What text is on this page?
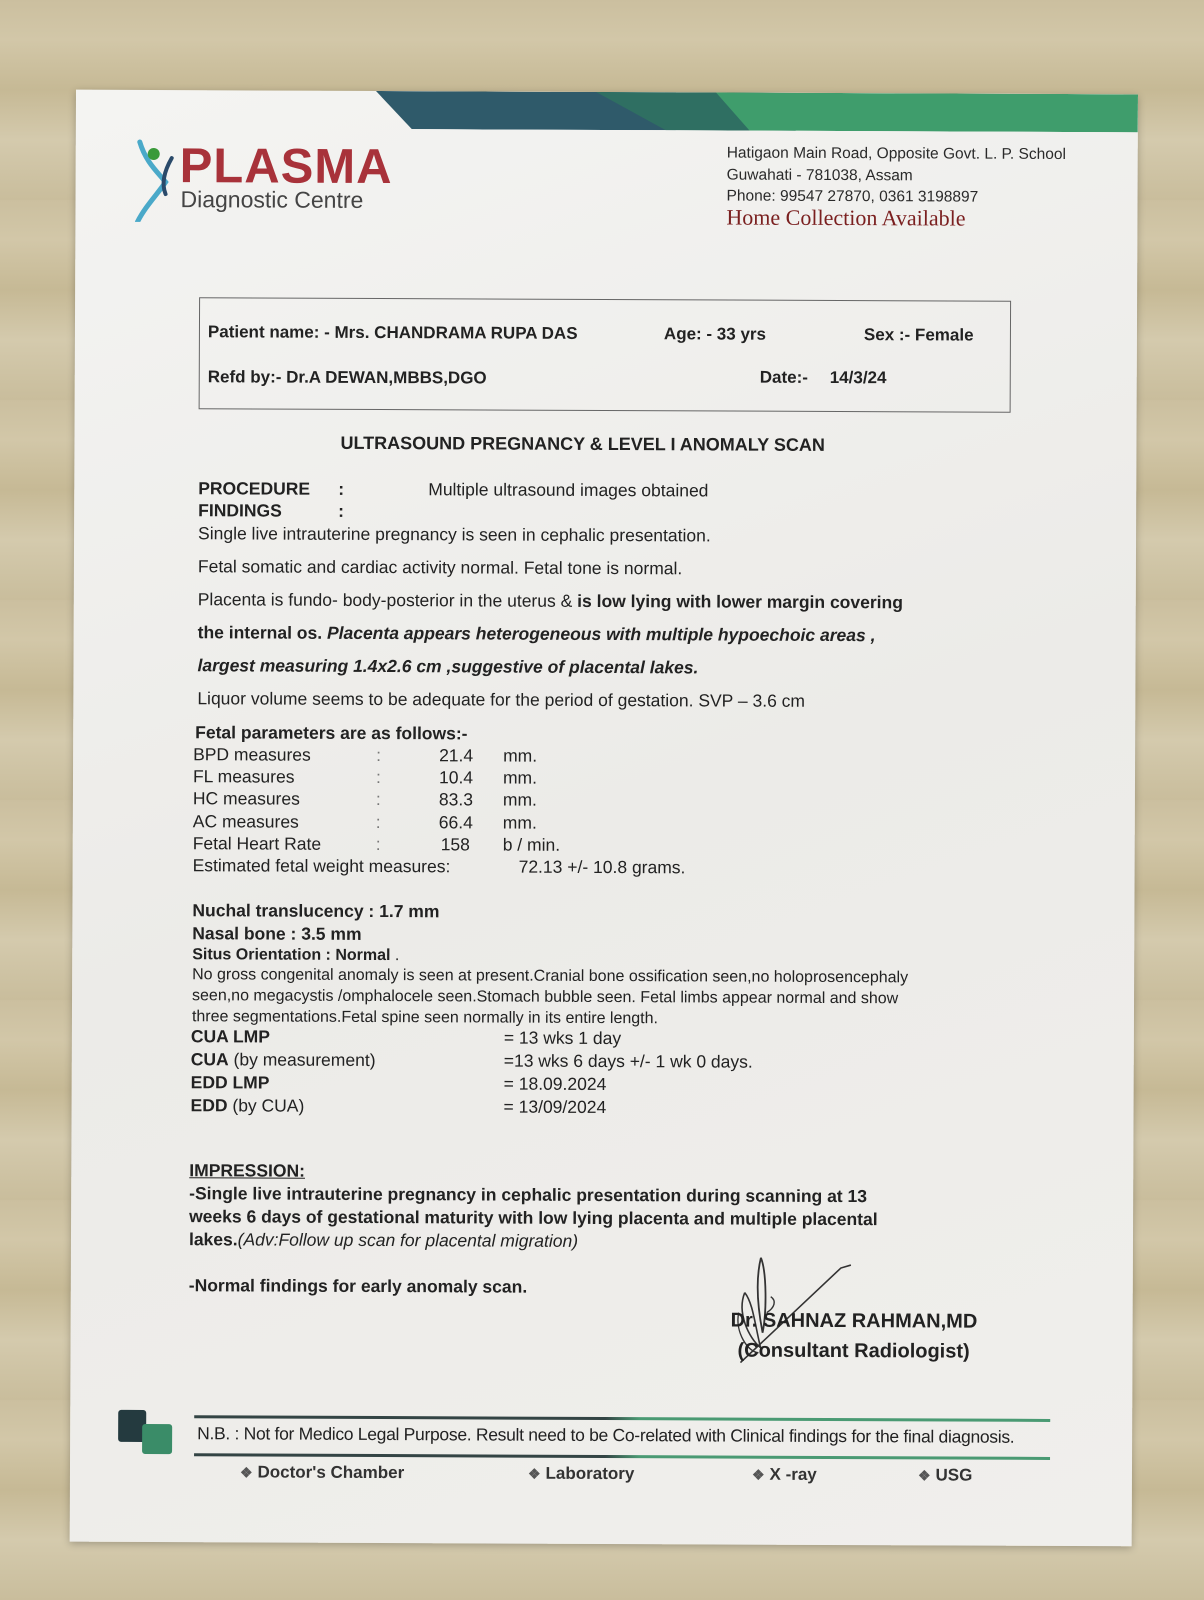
PLASMA
Diagnostic Centre
Hatigaon Main Road, Opposite Govt. L. P. School
Guwahati - 781038, Assam
Phone: 99547 27870, 0361 3198897
Home Collection Available
Patient name: - Mrs. CHANDRAMA RUPA DAS	Age: - 33 yrs	Sex :- Female
Refd by:- Dr.A DEWAN,MBBS,DGO	Date:- 14/3/24
ULTRASOUND PREGNANCY & LEVEL I ANOMALY SCAN
PROCEDURE :	Multiple ultrasound images obtained
FINDINGS	:
Single live intrauterine pregnancy is seen in cephalic presentation.
Fetal somatic and cardiac activity normal. Fetal tone is normal.
Placenta is fundo- body-posterior in the uterus & is low lying with lower margin covering
the internal os. Placenta appears heterogeneous with multiple hypoechoic areas ,
largest measuring 1.4x2.6 cm ,suggestive of placental lakes.
Liquor volume seems to be adequate for the period of gestation. SVP – 3.6 cm
Fetal parameters are as follows:-
BPD measures	:	21.4 mm.
FL measures	:	10.4 mm.
HC measures	:	83.3 mm.
AC measures	:	66.4 mm.
Fetal Heart Rate	:	158 b / min.
Estimated fetal weight measures:	72.13 +/- 10.8 grams.
Nuchal translucency : 1.7 mm
Nasal bone : 3.5 mm
Situs Orientation : Normal .
No gross congenital anomaly is seen at present.Cranial bone ossification seen,no holoprosencephaly
seen,no megacystis /omphalocele seen.Stomach bubble seen. Fetal limbs appear normal and show
three segmentations.Fetal spine seen normally in its entire length.
CUA LMP	= 13 wks 1 day
CUA (by measurement)	=13 wks 6 days +/- 1 wk 0 days.
EDD LMP	= 18.09.2024
EDD (by CUA)	= 13/09/2024
IMPRESSION:
-Single live intrauterine pregnancy in cephalic presentation during scanning at 13
weeks 6 days of gestational maturity with low lying placenta and multiple placental
lakes.(Adv:Follow up scan for placental migration)
-Normal findings for early anomaly scan.
Dr. SAHNAZ RAHMAN,MD
(Consultant Radiologist)
N.B. : Not for Medico Legal Purpose. Result need to be Co-related with Clinical findings for the final diagnosis.
❖ Doctor's Chamber	❖ Laboratory	❖ X -ray	❖ USG
